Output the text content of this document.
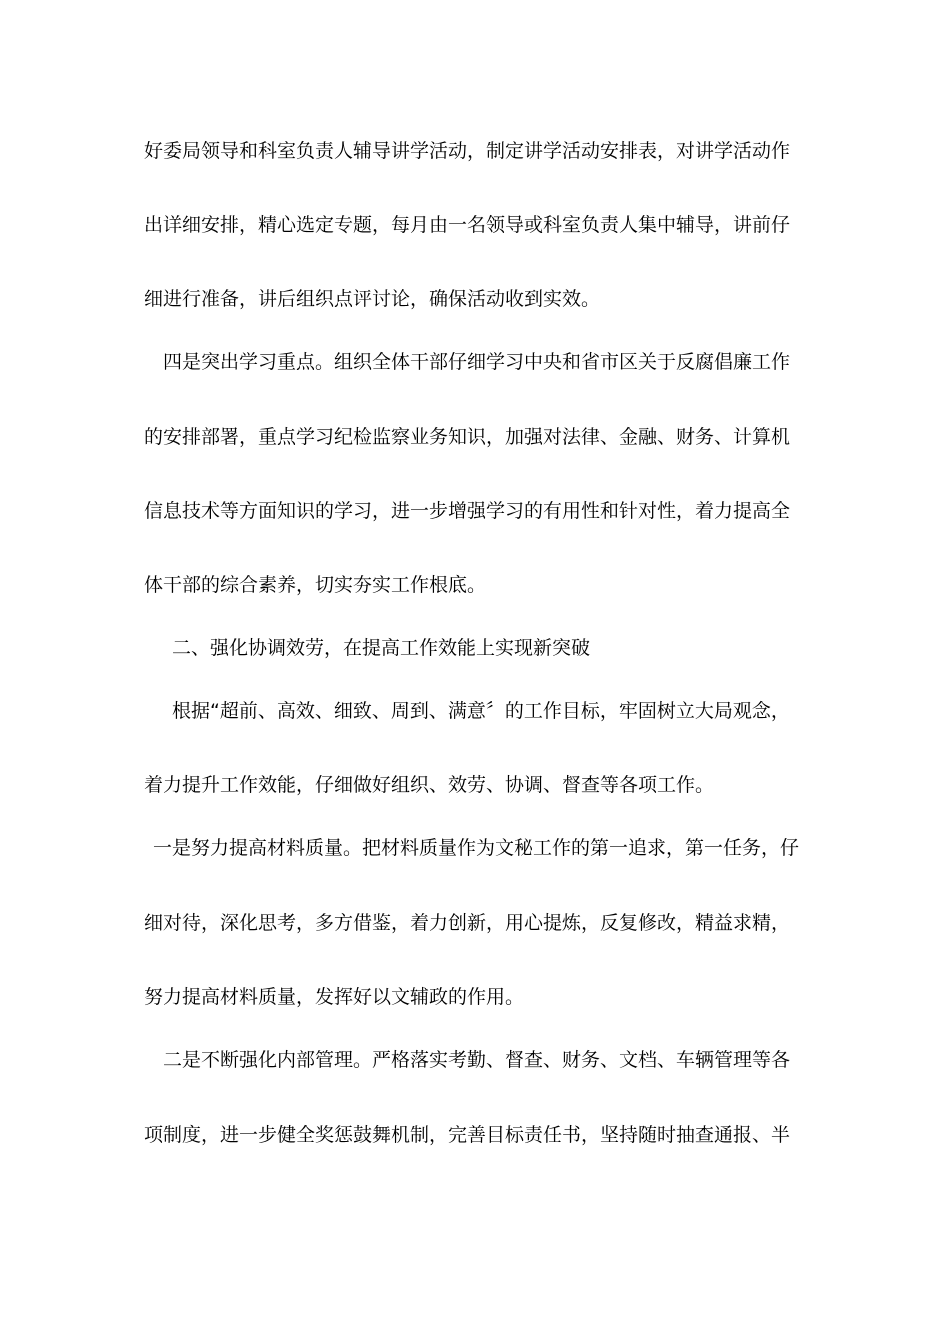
好委局领导和科室负责人辅导讲学活动，制定讲学活动安排表，对讲学活动作
出详细安排，精心选定专题，每月由一名领导或科室负责人集中辅导，讲前仔
细进行准备，讲后组织点评讨论，确保活动收到实效。
四是突出学习重点。组织全体干部仔细学习中央和省市区关于反腐倡廉工作
的安排部署，重点学习纪检监察业务知识，加强对法律、金融、财务、计算机
信息技术等方面知识的学习，进一步增强学习的有用性和针对性，着力提高全
体干部的综合素养，切实夯实工作根底。
二、强化协调效劳，在提高工作效能上实现新突破
根据“超前、高效、细致、周到、满意〞的工作目标，牢固树立大局观念，
着力提升工作效能，仔细做好组织、效劳、协调、督查等各项工作。
一是努力提高材料质量。把材料质量作为文秘工作的第一追求，第一任务，仔
细对待，深化思考，多方借鉴，着力创新，用心提炼，反复修改，精益求精，
努力提高材料质量，发挥好以文辅政的作用。
二是不断强化内部管理。严格落实考勤、督查、财务、文档、车辆管理等各
项制度，进一步健全奖惩鼓舞机制，完善目标责任书，坚持随时抽查通报、半
